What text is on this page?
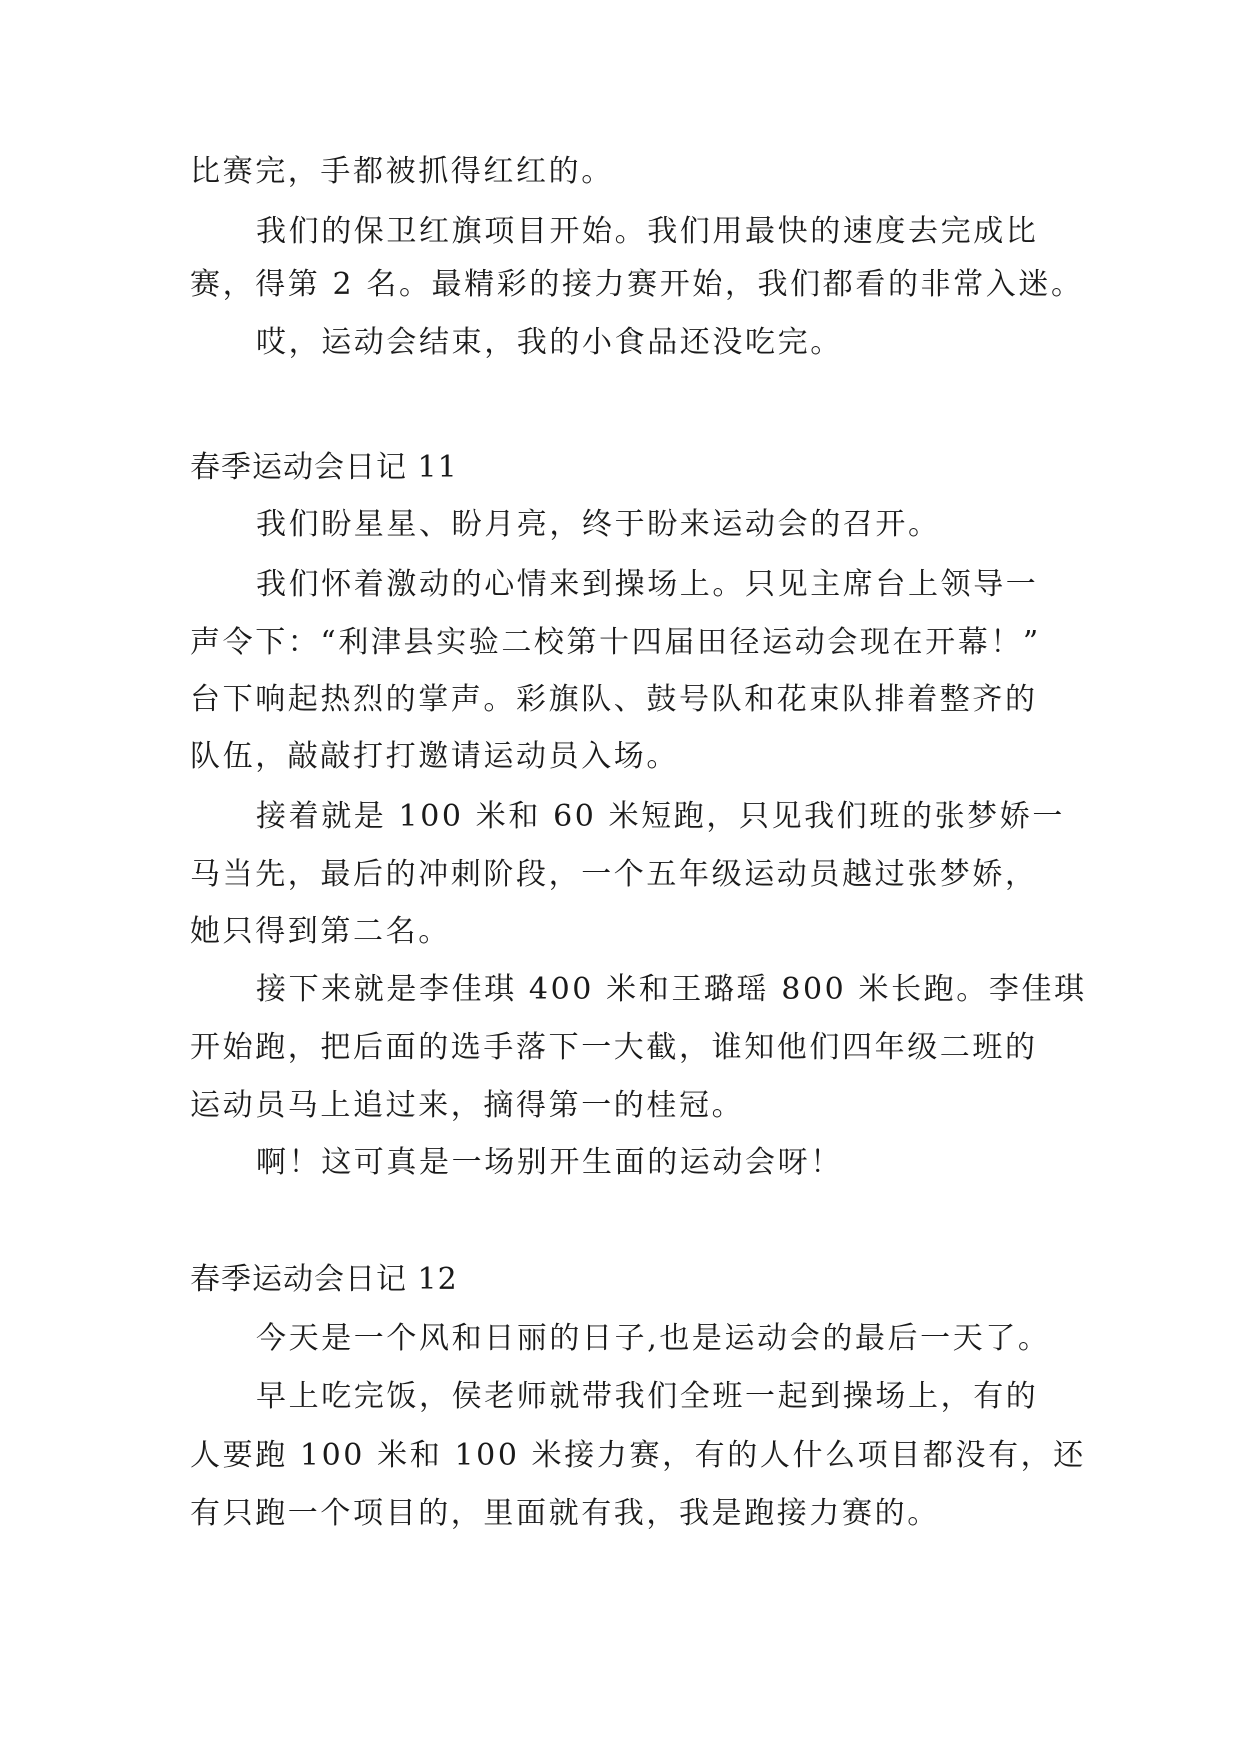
比赛完，手都被抓得红红的。
我们的保卫红旗项目开始。我们用最快的速度去完成比
赛，得第 2 名。最精彩的接力赛开始，我们都看的非常入迷。
哎，运动会结束，我的小食品还没吃完。
春季运动会日记 11
我们盼星星、盼月亮，终于盼来运动会的召开。
我们怀着激动的心情来到操场上。只见主席台上领导一
声令下：“利津县实验二校第十四届田径运动会现在开幕！”
台下响起热烈的掌声。彩旗队、鼓号队和花束队排着整齐的
队伍，敲敲打打邀请运动员入场。
接着就是 100 米和 60 米短跑，只见我们班的张梦娇一
马当先，最后的冲刺阶段，一个五年级运动员越过张梦娇，
她只得到第二名。
接下来就是李佳琪 400 米和王璐瑶 800 米长跑。李佳琪
开始跑，把后面的选手落下一大截，谁知他们四年级二班的
运动员马上追过来，摘得第一的桂冠。
啊！这可真是一场别开生面的运动会呀！
春季运动会日记 12
今天是一个风和日丽的日子,也是运动会的最后一天了。
早上吃完饭，侯老师就带我们全班一起到操场上，有的
人要跑 100 米和 100 米接力赛，有的人什么项目都没有，还
有只跑一个项目的，里面就有我，我是跑接力赛的。
